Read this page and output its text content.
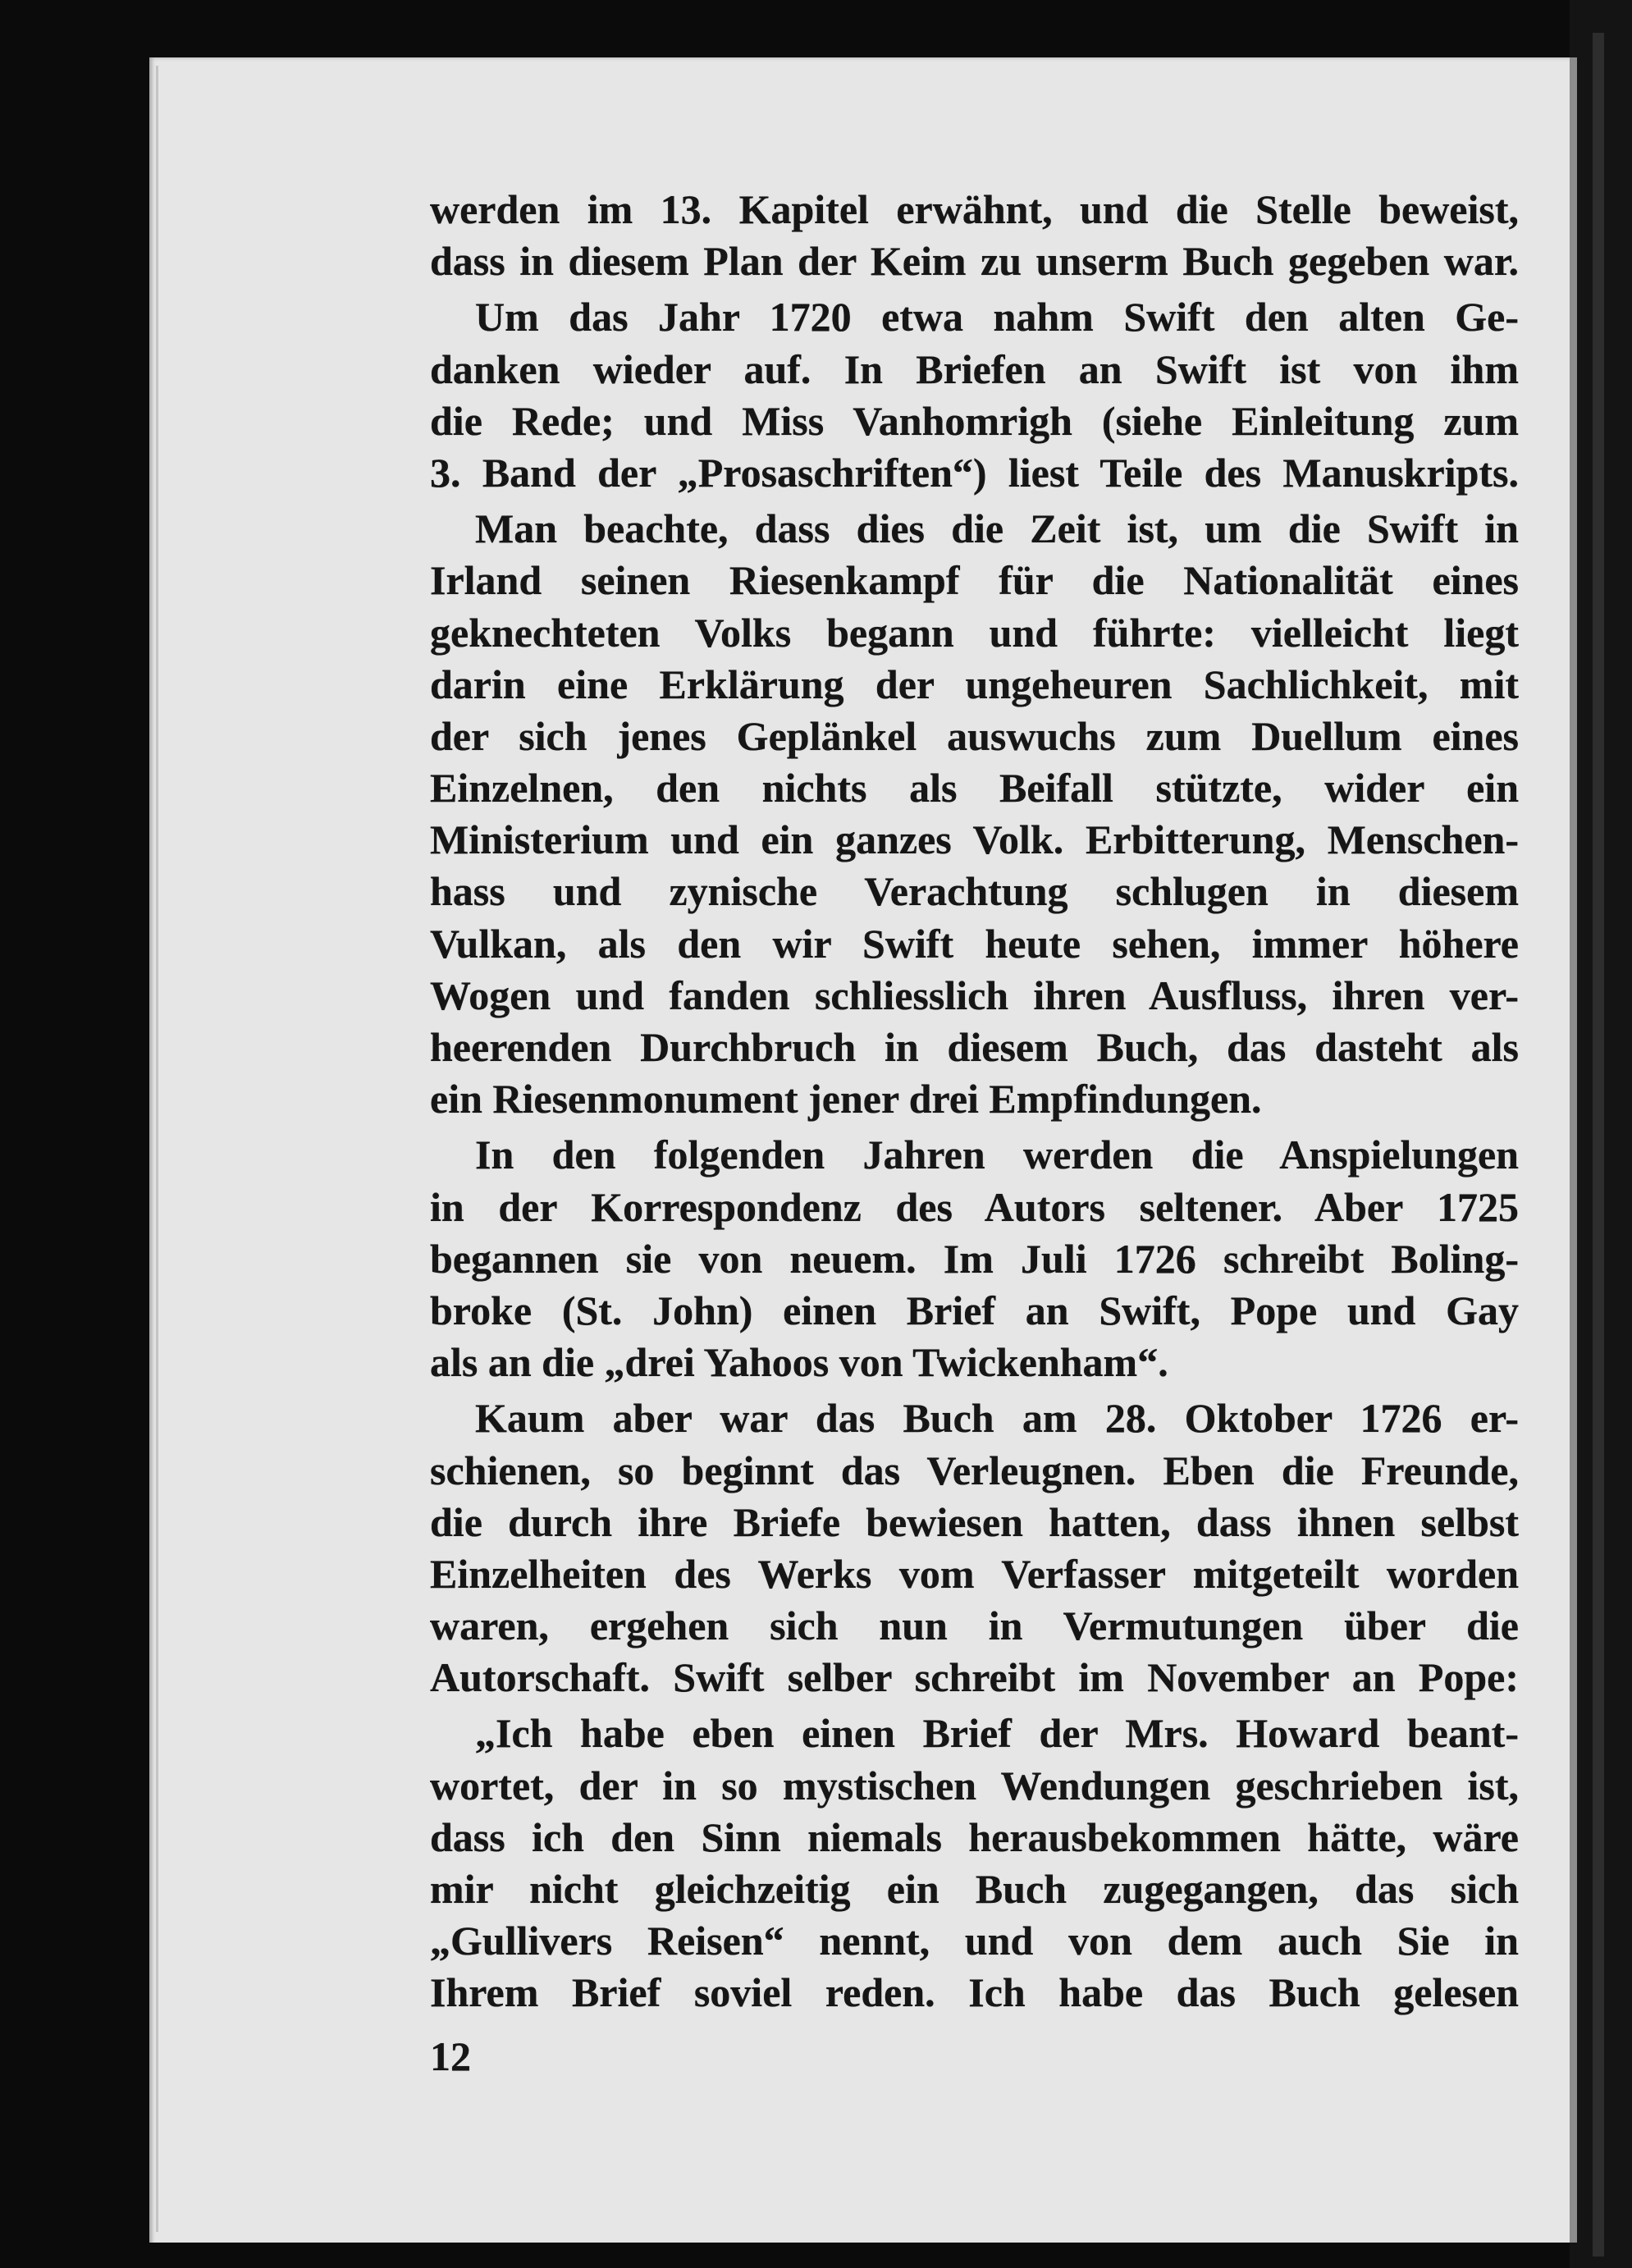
werden im 13. Kapitel erwähnt, und die Stelle beweist,
dass in diesem Plan der Keim zu unserm Buch gegeben war.
Um das Jahr 1720 etwa nahm Swift den alten Ge-
danken wieder auf. In Briefen an Swift ist von ihm
die Rede; und Miss Vanhomrigh (siehe Einleitung zum
3. Band der „Prosaschriften“) liest Teile des Manuskripts.
Man beachte, dass dies die Zeit ist, um die Swift in
Irland seinen Riesenkampf für die Nationalität eines
geknechteten Volks begann und führte: vielleicht liegt
darin eine Erklärung der ungeheuren Sachlichkeit, mit
der sich jenes Geplänkel auswuchs zum Duellum eines
Einzelnen, den nichts als Beifall stützte, wider ein
Ministerium und ein ganzes Volk. Erbitterung, Menschen-
hass und zynische Verachtung schlugen in diesem
Vulkan, als den wir Swift heute sehen, immer höhere
Wogen und fanden schliesslich ihren Ausfluss, ihren ver-
heerenden Durchbruch in diesem Buch, das dasteht als
ein Riesenmonument jener drei Empfindungen.
In den folgenden Jahren werden die Anspielungen
in der Korrespondenz des Autors seltener. Aber 1725
begannen sie von neuem. Im Juli 1726 schreibt Boling-
broke (St. John) einen Brief an Swift, Pope und Gay
als an die „drei Yahoos von Twickenham“.
Kaum aber war das Buch am 28. Oktober 1726 er-
schienen, so beginnt das Verleugnen. Eben die Freunde,
die durch ihre Briefe bewiesen hatten, dass ihnen selbst
Einzelheiten des Werks vom Verfasser mitgeteilt worden
waren, ergehen sich nun in Vermutungen über die
Autorschaft. Swift selber schreibt im November an Pope:
„Ich habe eben einen Brief der Mrs. Howard beant-
wortet, der in so mystischen Wendungen geschrieben ist,
dass ich den Sinn niemals herausbekommen hätte, wäre
mir nicht gleichzeitig ein Buch zugegangen, das sich
„Gullivers Reisen“ nennt, und von dem auch Sie in
Ihrem Brief soviel reden. Ich habe das Buch gelesen
12
